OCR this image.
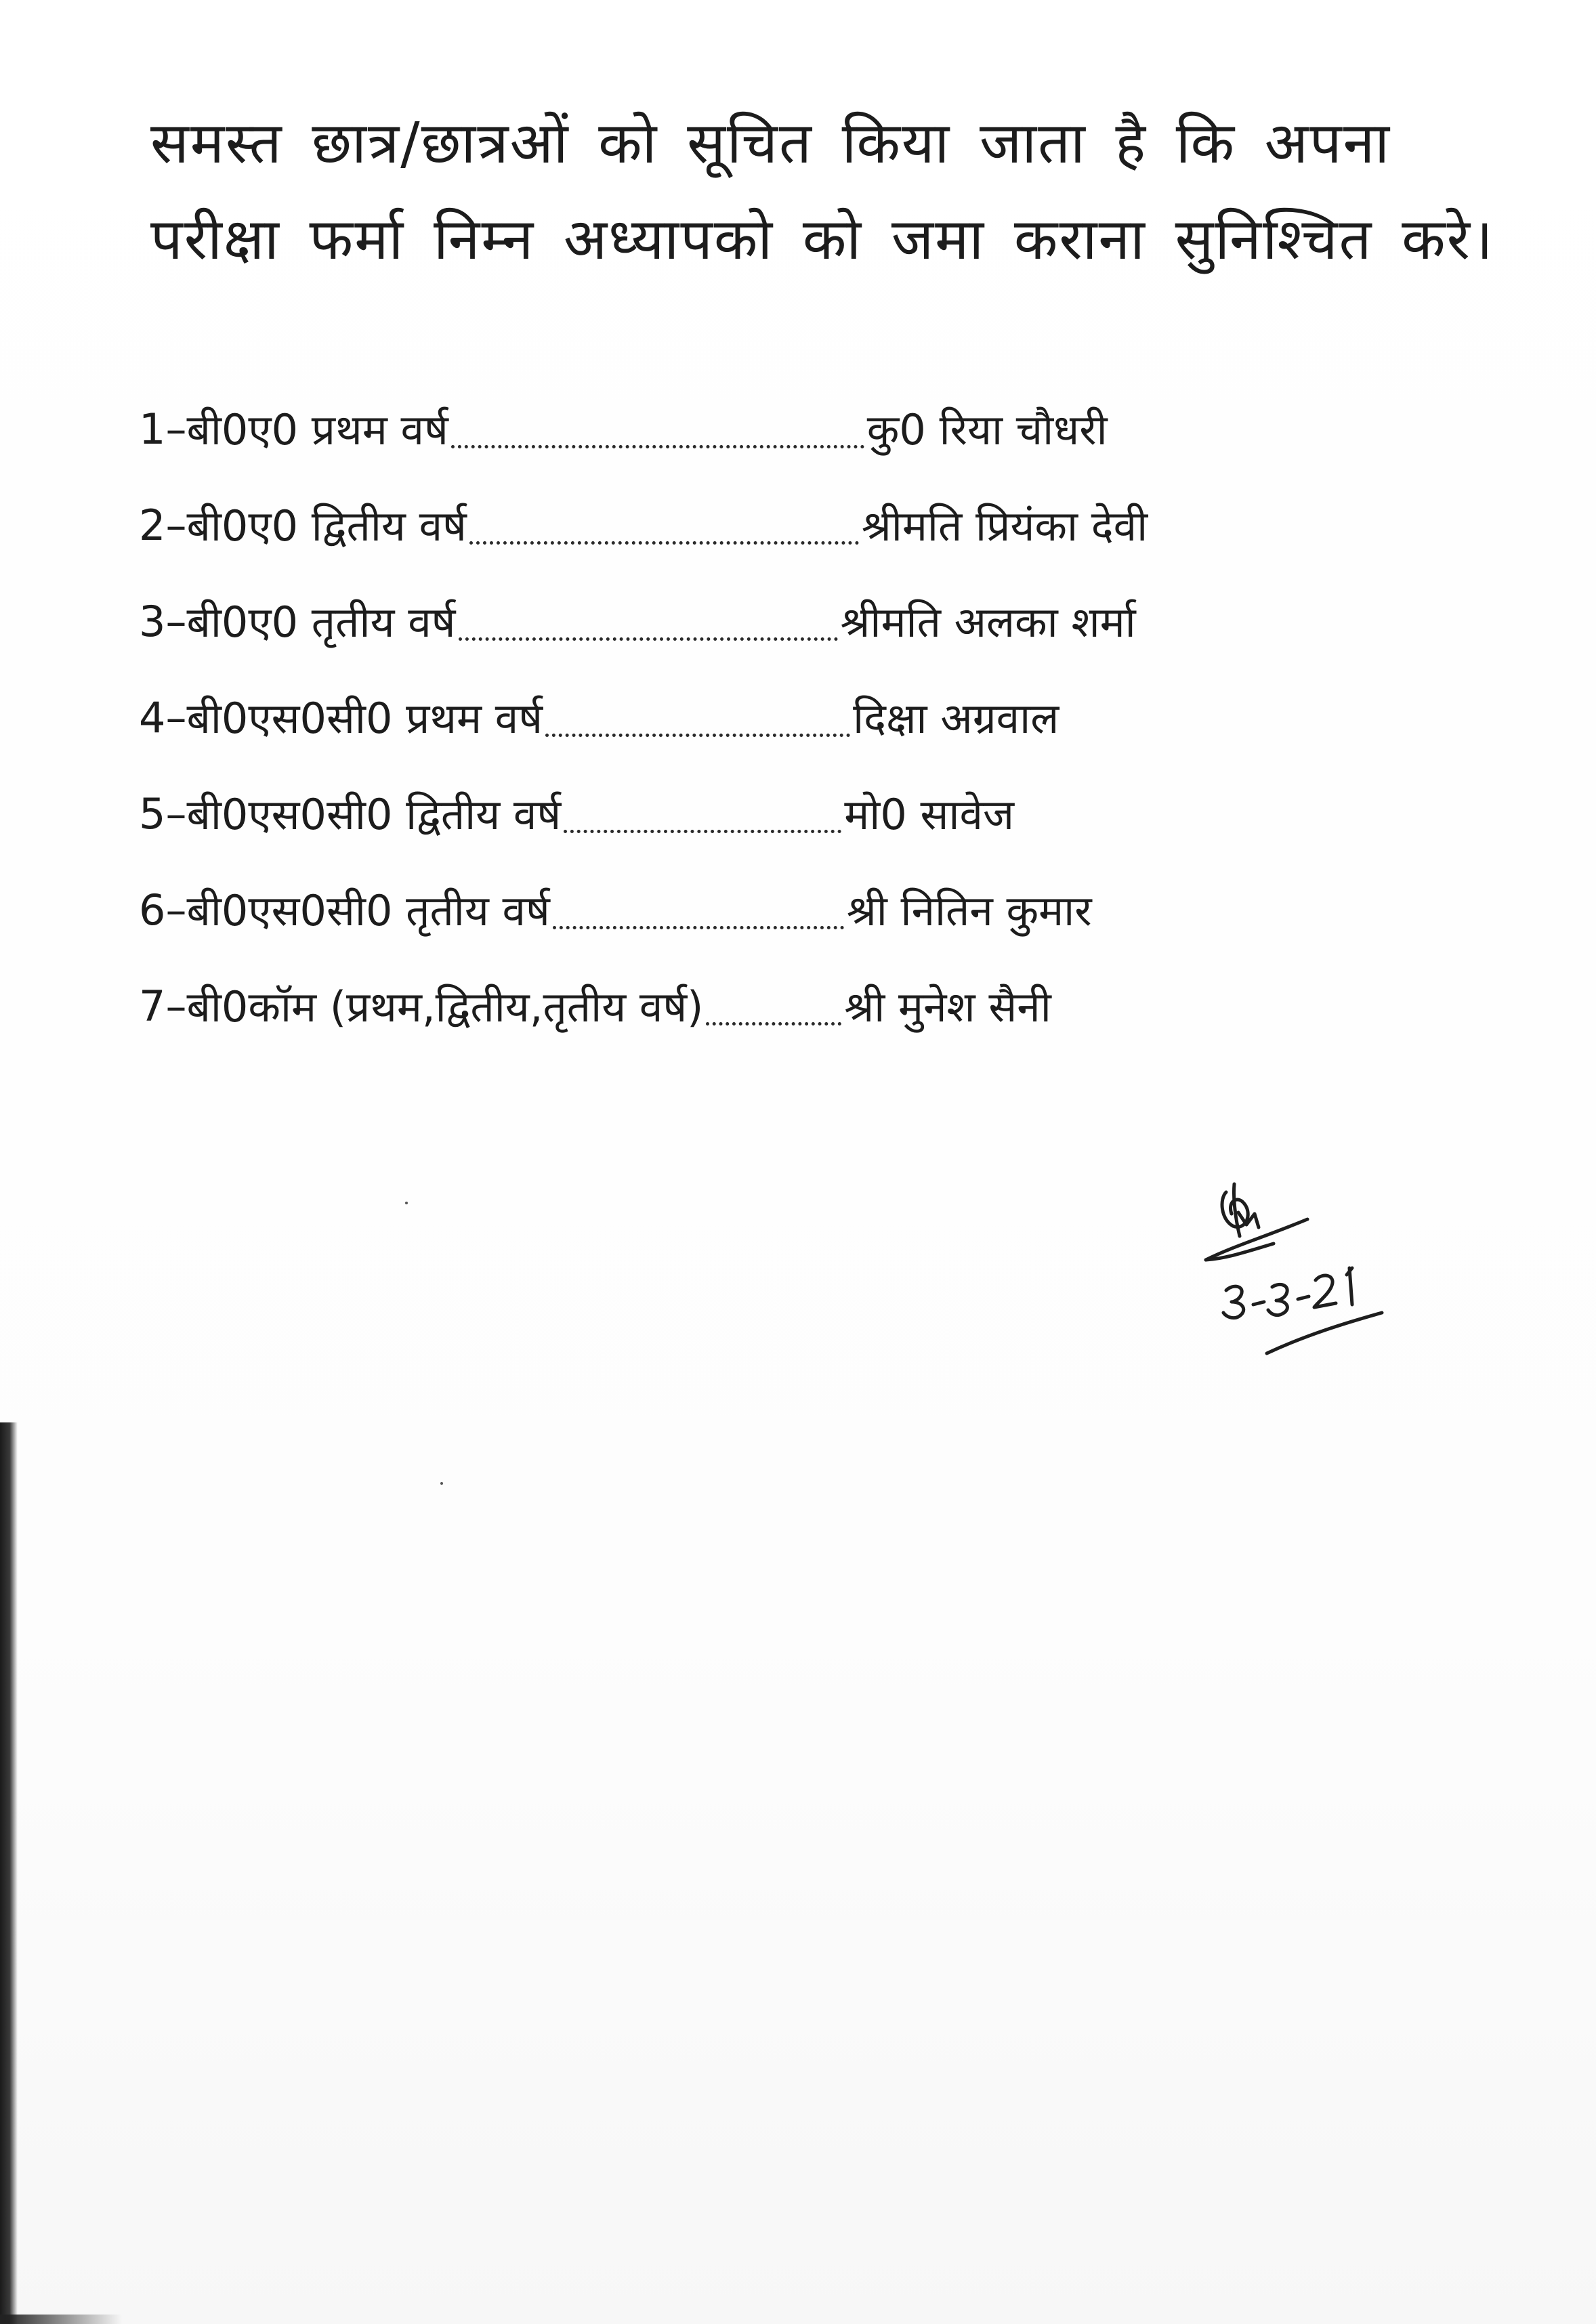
समस्त छात्र/छात्रओं को सूचित किया जाता है कि अपना
परीक्षा फर्मा निम्न अध्यापको को जमा कराना सुनिश्चित करे।

1– बी0ए0 प्रथम वर्ष	कु0 रिया चौधरी
2– बी0ए0 द्वितीय वर्ष	श्रीमति प्रियंका देवी
3– बी0ए0 तृतीय वर्ष	श्रीमति अलका शर्मा
4– बी0एस0सी0 प्रथम वर्ष	दिक्षा अग्रवाल
5– बी0एस0सी0 द्वितीय वर्ष	मो0 सावेज
6– बी0एस0सी0 तृतीय वर्ष	श्री नितिन कुमार
7– बी0कॉम (प्रथम,द्वितीय,तृतीय वर्ष)	श्री मुनेश सैनी
